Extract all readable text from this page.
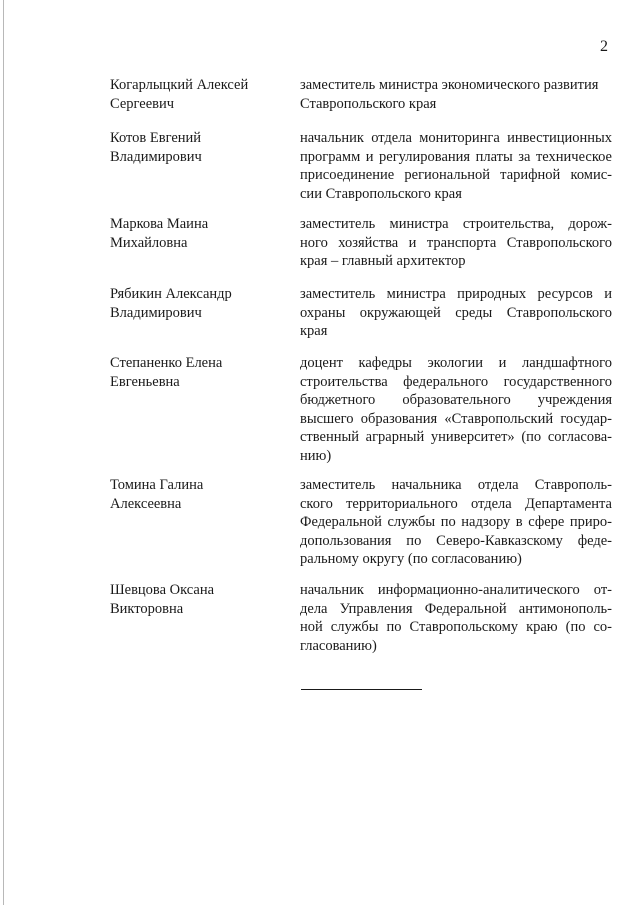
2
Когарлыцкий Алексей
Сергеевич
заместитель министра экономического развития
Ставропольского края
Котов Евгений
Владимирович
начальник отдела мониторинга инвестиционных
программ и регулирования платы за техническое
присоединение региональной тарифной комис-
сии Ставропольского края
Маркова Маина
Михайловна
заместитель министра строительства, дорож-
ного хозяйства и транспорта Ставропольского
края – главный архитектор
Рябикин Александр
Владимирович
заместитель министра природных ресурсов и
охраны окружающей среды Ставропольского
края
Степаненко Елена
Евгеньевна
доцент кафедры экологии и ландшафтного
строительства федерального государственного
бюджетного образовательного учреждения
высшего образования «Ставропольский государ-
ственный аграрный университет» (по согласова-
нию)
Томина Галина
Алексеевна
заместитель начальника отдела Ставрополь-
ского территориального отдела Департамента
Федеральной службы по надзору в сфере приро-
допользования по Северо-Кавказскому феде-
ральному округу (по согласованию)
Шевцова Оксана
Викторовна
начальник информационно-аналитического от-
дела Управления Федеральной антимонополь-
ной службы по Ставропольскому краю (по со-
гласованию)
